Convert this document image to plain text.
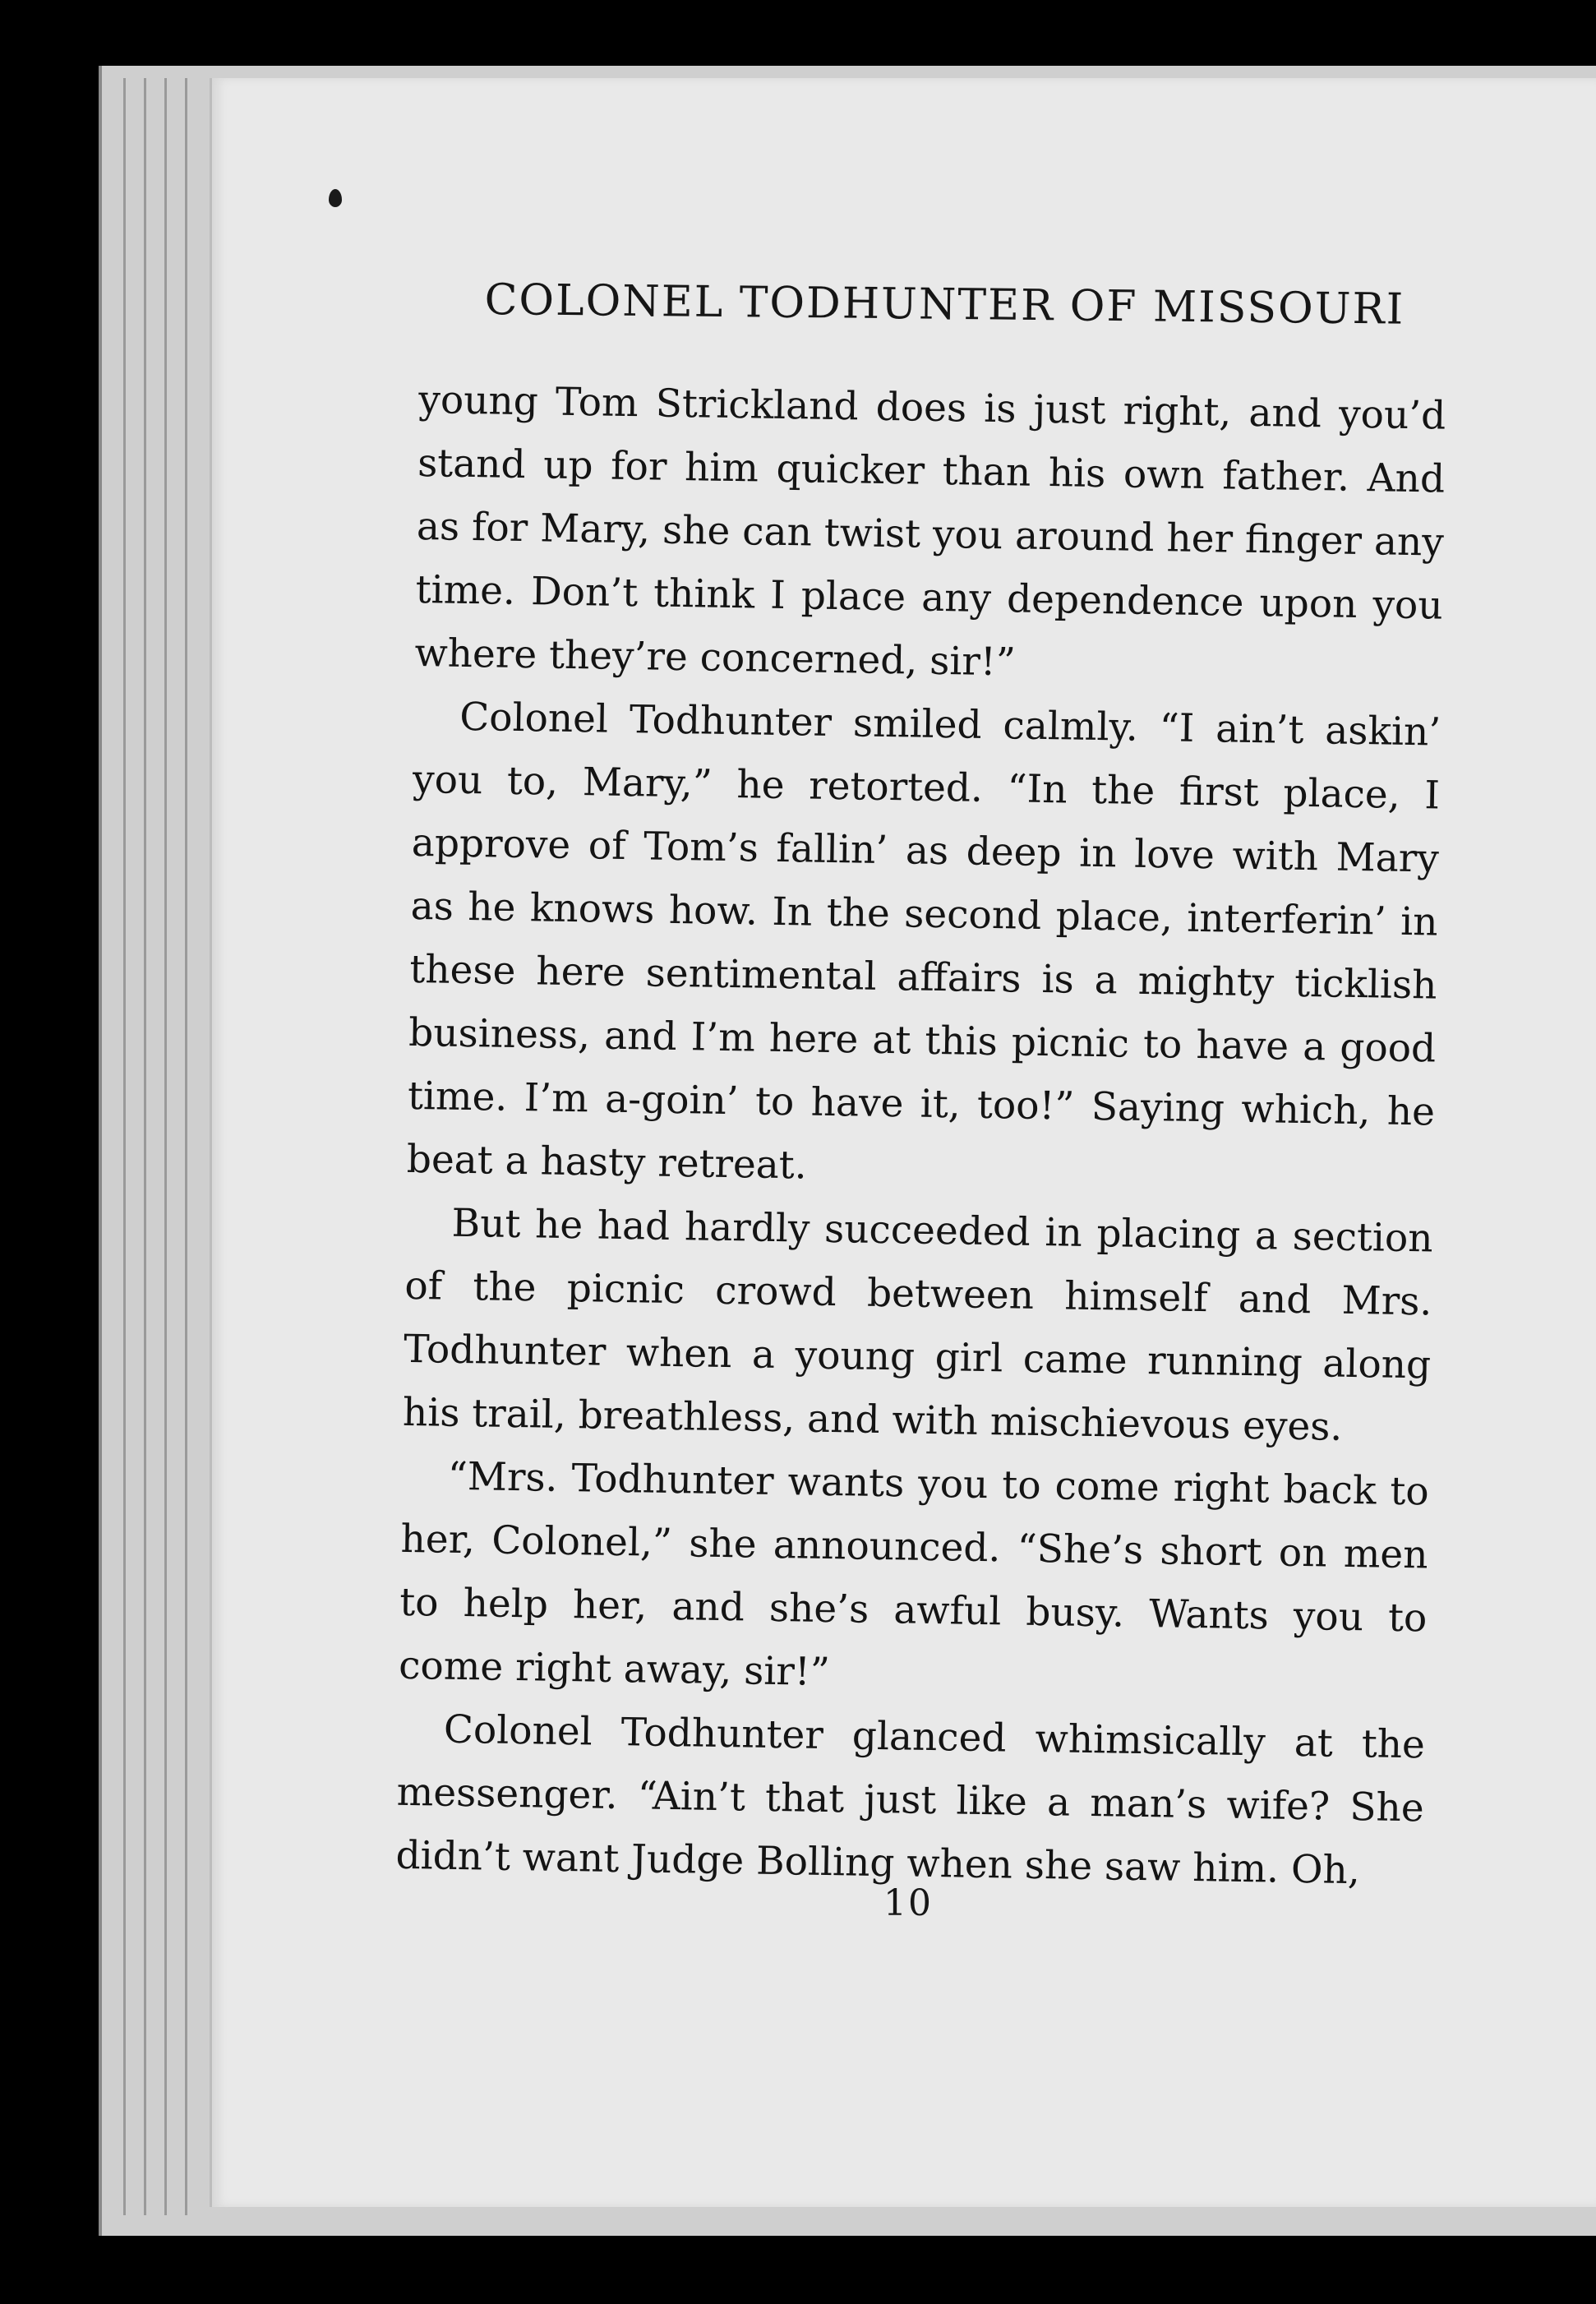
COLONEL TODHUNTER OF MISSOURI

young Tom Strickland does is just right, and you’d stand up for him quicker than his own father. And as for Mary, she can twist you around her finger any time. Don’t think I place any dependence upon you where they’re concerned, sir!”

Colonel Todhunter smiled calmly. “I ain’t askin’ you to, Mary,” he retorted. “In the first place, I approve of Tom’s fallin’ as deep in love with Mary as he knows how. In the second place, interferin’ in these here sentimental affairs is a mighty ticklish business, and I’m here at this picnic to have a good time. I’m a-goin’ to have it, too!” Saying which, he beat a hasty retreat.

But he had hardly succeeded in placing a section of the picnic crowd between himself and Mrs. Todhunter when a young girl came running along his trail, breathless, and with mischievous eyes.

“Mrs. Todhunter wants you to come right back to her, Colonel,” she announced. “She’s short on men to help her, and she’s awful busy. Wants you to come right away, sir!”

Colonel Todhunter glanced whimsically at the messenger. “Ain’t that just like a man’s wife? She didn’t want Judge Bolling when she saw him. Oh,

10
